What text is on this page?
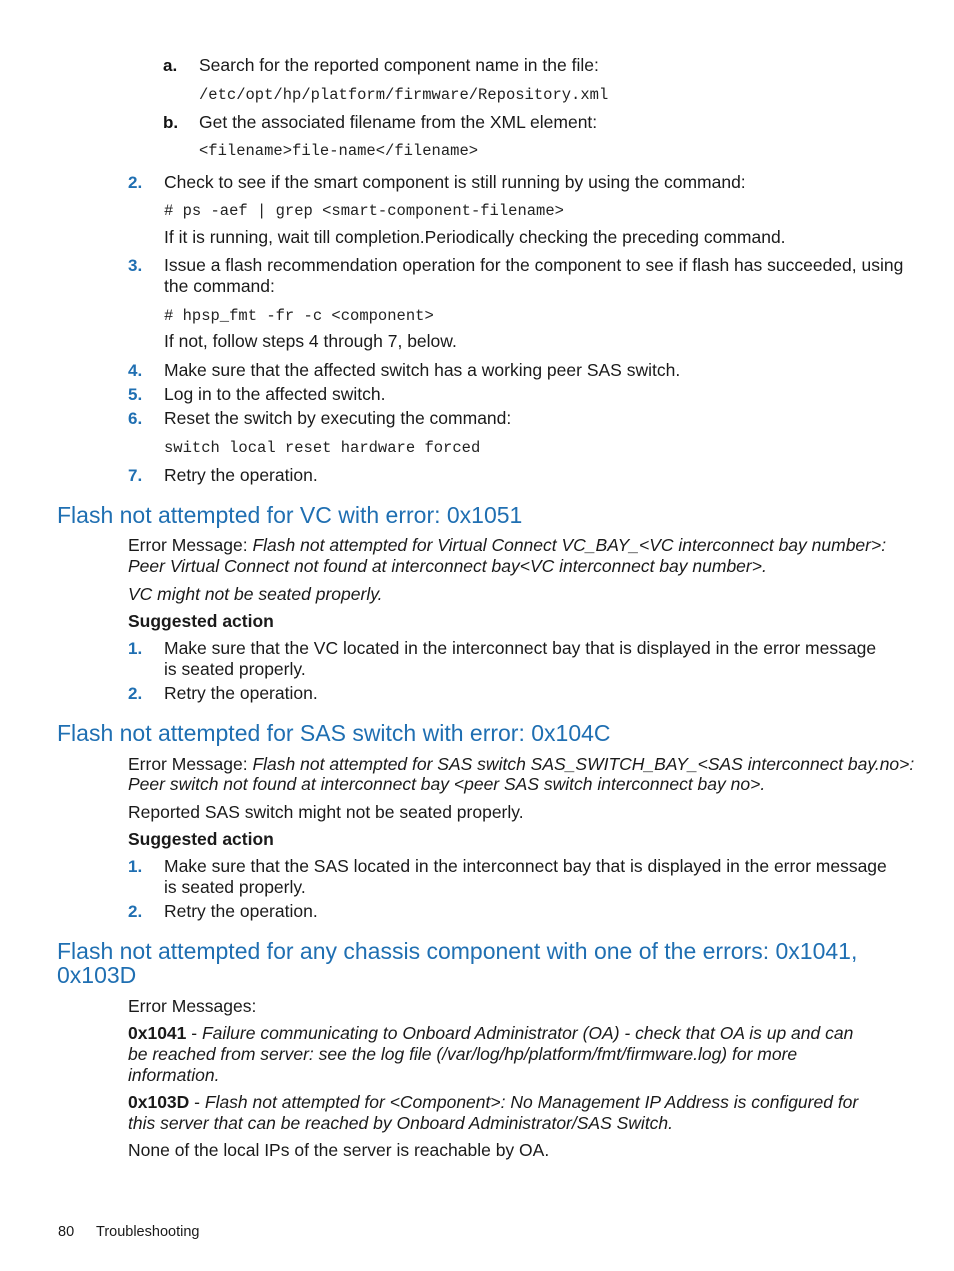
a. Search for the reported component name in the file:
/etc/opt/hp/platform/firmware/Repository.xml
b. Get the associated filename from the XML element:
<filename>file-name</filename>
2. Check to see if the smart component is still running by using the command:
# ps -aef | grep <smart-component-filename>
If it is running, wait till completion.Periodically checking the preceding command.
3. Issue a flash recommendation operation for the component to see if flash has succeeded, using
the command:
# hpsp_fmt -fr -c <component>
If not, follow steps 4 through 7, below.
4. Make sure that the affected switch has a working peer SAS switch.
5. Log in to the affected switch.
6. Reset the switch by executing the command:
switch local reset hardware forced
7. Retry the operation.
Flash not attempted for VC with error: 0x1051
Error Message: Flash not attempted for Virtual Connect VC_BAY_<VC interconnect bay number>:
Peer Virtual Connect not found at interconnect bay<VC interconnect bay number>.
VC might not be seated properly.
Suggested action
1. Make sure that the VC located in the interconnect bay that is displayed in the error message
is seated properly.
2. Retry the operation.
Flash not attempted for SAS switch with error: 0x104C
Error Message: Flash not attempted for SAS switch SAS_SWITCH_BAY_<SAS interconnect bay.no>:
Peer switch not found at interconnect bay <peer SAS switch interconnect bay no>.
Reported SAS switch might not be seated properly.
Suggested action
1. Make sure that the SAS located in the interconnect bay that is displayed in the error message
is seated properly.
2. Retry the operation.
Flash not attempted for any chassis component with one of the errors: 0x1041,
0x103D
Error Messages:
0x1041 - Failure communicating to Onboard Administrator (OA) - check that OA is up and can
be reached from server: see the log file (/var/log/hp/platform/fmt/firmware.log) for more
information.
0x103D - Flash not attempted for <Component>: No Management IP Address is configured for
this server that can be reached by Onboard Administrator/SAS Switch.
None of the local IPs of the server is reachable by OA.
80 Troubleshooting
